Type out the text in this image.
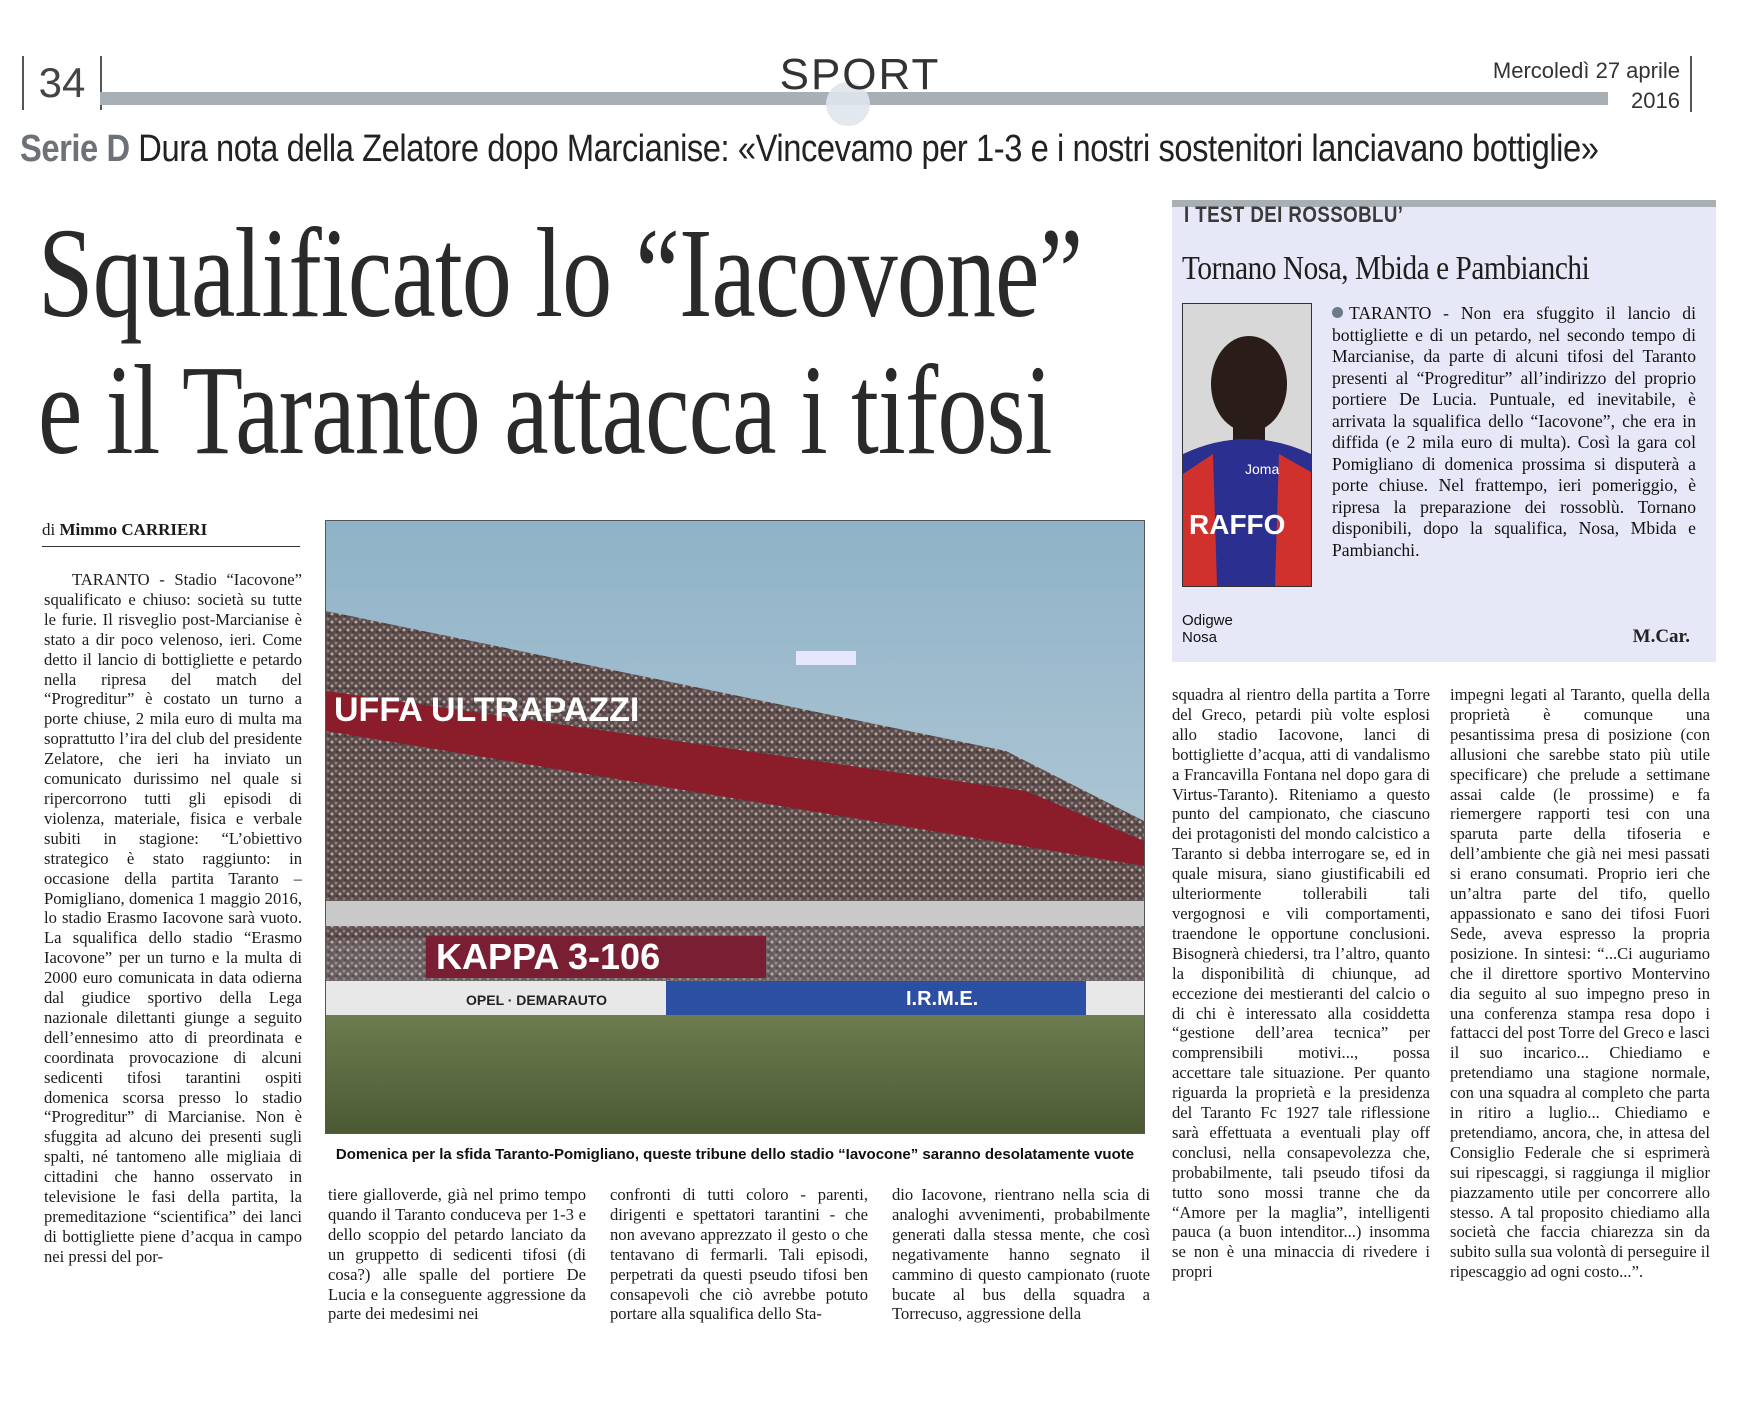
34	SPORT	Mercoledì 27 aprile
2016
Serie D Dura nota della Zelatore dopo Marcianise: «Vincevamo per 1-3 e i nostri sostenitori lanciavano bottiglie»
Squalificato lo “Iacovone”
e il Taranto attacca i tifosi
di Mimmo CARRIERI

TARANTO - Stadio “Iacovone” squalificato e chiuso: società su tutte le furie. Il risveglio post-Marcianise è stato a dir poco velenoso, ieri. Come detto il lancio di bottigliette e petardo nella ripresa del match del “Progreditur” è costato un turno a porte chiuse, 2 mila euro di multa ma soprattutto l’ira del club del presidente Zelatore, che ieri ha inviato un comunicato durissimo nel quale si ripercorrono tutti gli episodi di violenza, materiale, fisica e verbale subiti in stagione: “L’obiettivo strategico è stato raggiunto: in occasione della partita Taranto – Pomigliano, domenica 1 maggio 2016, lo stadio Erasmo Iacovone sarà vuoto. La squalifica dello stadio “Erasmo Iacovone” per un turno e la multa di 2000 euro comunicata in data odierna dal giudice sportivo della Lega nazionale dilettanti giunge a seguito dell’ennesimo atto di preordinata e coordinata provocazione di alcuni sedicenti tifosi tarantini ospiti domenica scorsa presso lo stadio “Progreditur” di Marcianise. Non è sfuggita ad alcuno dei presenti sugli spalti, né tantomeno alle migliaia di cittadini che hanno osservato in televisione le fasi della partita, la premeditazione “scientifica” dei lanci di bottigliette piene d’acqua in campo nei pressi del por-

tiere gialloverde, già nel primo tempo quando il Taranto conduceva per 1-3 e dello scoppio del petardo lanciato da un gruppetto di sedicenti tifosi (di cosa?) alle spalle del portiere De Lucia e la conseguente aggressione da parte dei medesimi nei

confronti di tutti coloro - parenti, dirigenti e spettatori tarantini - che non avevano apprezzato il gesto o che tentavano di fermarli. Tali episodi, perpetrati da questi pseudo tifosi ben consapevoli che ciò avrebbe potuto portare alla squalifica dello Sta-

dio Iacovone, rientrano nella scia di analoghi avvenimenti, probabilmente generati dalla stessa mente, che così negativamente hanno segnato il cammino di questo campionato (ruote bucate al bus della squadra a Torrecuso, aggressione della

squadra al rientro della partita a Torre del Greco, petardi più volte esplosi allo stadio Iacovone, lanci di bottigliette d’acqua, atti di vandalismo a Francavilla Fontana nel dopo gara di Virtus-Taranto). Riteniamo a questo punto del campionato, che ciascuno dei protagonisti del mondo calcistico a Taranto si debba interrogare se, ed in quale misura, siano giustificabili ed ulteriormente tollerabili tali vergognosi e vili comportamenti, traendone le opportune conclusioni. Bisognerà chiedersi, tra l’altro, quanto la disponibilità di chiunque, ad eccezione dei mestieranti del calcio o di chi è interessato alla cosiddetta “gestione dell’area tecnica” per comprensibili motivi..., possa accettare tale situazione. Per quanto riguarda la proprietà e la presidenza del Taranto Fc 1927 tale riflessione sarà effettuata a eventuali play off conclusi, nella consapevolezza che, probabilmente, tali pseudo tifosi da tutto sono mossi tranne che da “Amore per la maglia”, intelligenti pauca (a buon intenditor...) insomma se non è una minaccia di rivedere i propri

impegni legati al Taranto, quella della proprietà è comunque una pesantissima presa di posizione (con allusioni che sarebbe stato più utile specificare) che prelude a settimane assai calde (le prossime) e fa riemergere rapporti tesi con una sparuta parte della tifoseria e dell’ambiente che già nei mesi passati si erano consumati. Proprio ieri che un’altra parte del tifo, quello appassionato e sano dei tifosi Fuori Sede, aveva espresso la propria posizione. In sintesi: “...Ci auguriamo che il direttore sportivo Montervino dia seguito al suo impegno preso in una conferenza stampa resa dopo i fattacci del post Torre del Greco e lasci il suo incarico... Chiediamo e pretendiamo una stagione normale, con una squadra al completo che parta in ritiro a luglio... Chiediamo e pretendiamo, ancora, che, in attesa del Consiglio Federale che si esprimerà sui ripescaggi, si raggiunga il miglior piazzamento utile per concorrere allo stesso. A tal proposito chiediamo alla società che faccia chiarezza sin da subito sulla sua volontà di perseguire il ripescaggio ad ogni costo...”.

UFFA ULTRAPAZZI
KAPPA 3-106
OPEL · DEMARAUTO	I.R.M.E.
Domenica per la sfida Taranto-Pomigliano, queste tribune dello stadio “Iavocone” saranno desolatamente vuote
I TEST DEI ROSSOBLU’
Tornano Nosa, Mbida e Pambianchi
Joma
RAFFO
Odigwe
Nosa
TARANTO - Non era sfuggito il lancio di bottigliette e di un petardo, nel secondo tempo di Marcianise, da parte di alcuni tifosi del Taranto presenti al “Progreditur” all’indirizzo del proprio portiere De Lucia. Puntuale, ed inevitabile, è arrivata la squalifica dello “Iacovone”, che era in diffida (e 2 mila euro di multa). Così la gara col Pomigliano di domenica prossima si disputerà a porte chiuse. Nel frattempo, ieri pomeriggio, è ripresa la preparazione dei rossoblù. Tornano disponibili, dopo la squalifica, Nosa, Mbida e Pambianchi.
M.Car.
